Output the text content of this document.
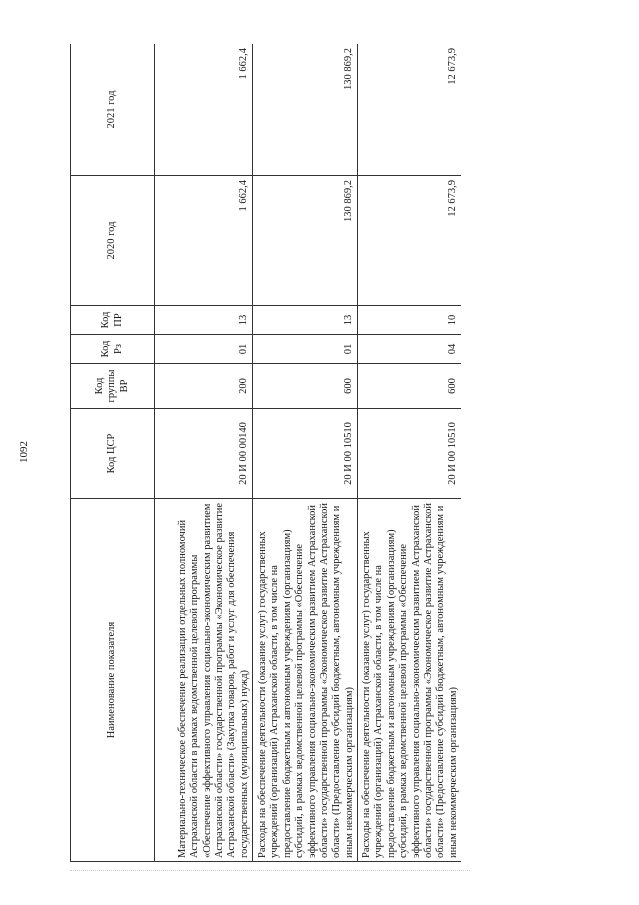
1092
Наименование показателя	Код ЦСР	Код группы ВР	Код Рз	Код ПР	2020 год	2021 год
Материально-техническое обеспечение реализации отдельных полномочий Астраханской области в рамках ведомственной целевой программы «Обеспечение эффективного управления социально-экономическим развитием Астраханской области» государственной программы «Экономическое развитие Астраханской области» (Закупка товаров, работ и услуг для обеспечения государственных (муниципальных) нужд)	20 И 00 00140	200	01	13	1 662,4	1 662,4
Расходы на обеспечение деятельности (оказание услуг) государственных учреждений (организаций) Астраханской области, в том числе на предоставление бюджетным и автономным учреждениям (организациям) субсидий, в рамках ведомственной целевой программы «Обеспечение эффективного управления социально-экономическим развитием Астраханской области» государственной программы «Экономическое развитие Астраханской области» (Предоставление субсидий бюджетным, автономным учреждениям и иным некоммерческим организациям)	20 И 00 10510	600	01	13	130 869,2	130 869,2
Расходы на обеспечение деятельности (оказание услуг) государственных учреждений (организаций) Астраханской области, в том числе на предоставление бюджетным и автономным учреждениям (организациям) субсидий, в рамках ведомственной целевой программы «Обеспечение эффективного управления социально-экономическим развитием Астраханской области» государственной программы «Экономическое развитие Астраханской области» (Предоставление субсидий бюджетным, автономным учреждениям и иным некоммерческим организациям)	20 И 00 10510	600	04	10	12 673,9	12 673,9
